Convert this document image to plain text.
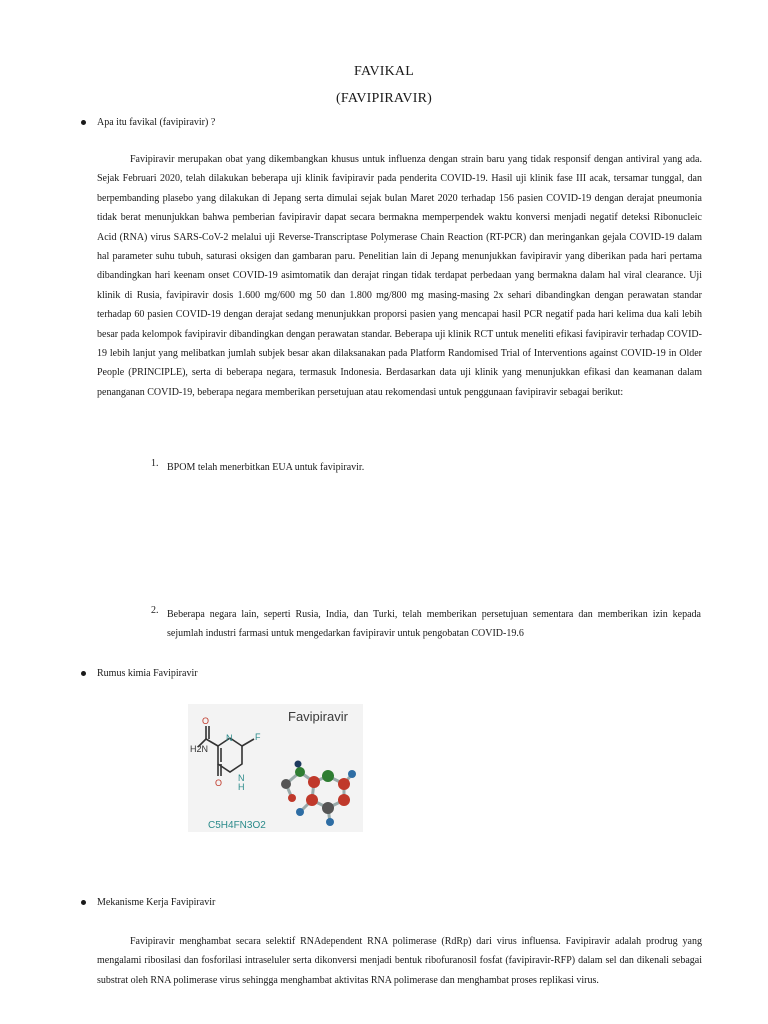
FAVIKAL
(FAVIPIRAVIR)
Apa itu favikal (favipiravir) ?
Favipiravir merupakan obat yang dikembangkan khusus untuk influenza dengan strain baru yang tidak responsif dengan antiviral yang ada. Sejak Februari 2020, telah dilakukan beberapa uji klinik favipiravir pada penderita COVID-19. Hasil uji klinik fase III acak, tersamar tunggal, dan berpembanding plasebo yang dilakukan di Jepang serta dimulai sejak bulan Maret 2020 terhadap 156 pasien COVID-19 dengan derajat pneumonia tidak berat menunjukkan bahwa pemberian favipiravir dapat secara bermakna memperpendek waktu konversi menjadi negatif deteksi Ribonucleic Acid (RNA) virus SARS-CoV-2 melalui uji Reverse-Transcriptase Polymerase Chain Reaction (RT-PCR) dan meringankan gejala COVID-19 dalam hal parameter suhu tubuh, saturasi oksigen dan gambaran paru. Penelitian lain di Jepang menunjukkan favipiravir yang diberikan pada hari pertama dibandingkan hari keenam onset COVID-19 asimtomatik dan derajat ringan tidak terdapat perbedaan yang bermakna dalam hal viral clearance. Uji klinik di Rusia, favipiravir dosis 1.600 mg/600 mg 50 dan 1.800 mg/800 mg masing-masing 2x sehari dibandingkan dengan perawatan standar terhadap 60 pasien COVID-19 dengan derajat sedang menunjukkan proporsi pasien yang mencapai hasil PCR negatif pada hari kelima dua kali lebih besar pada kelompok favipiravir dibandingkan dengan perawatan standar. Beberapa uji klinik RCT untuk meneliti efikasi favipiravir terhadap COVID-19 lebih lanjut yang melibatkan jumlah subjek besar akan dilaksanakan pada Platform Randomised Trial of Interventions against COVID-19 in Older People (PRINCIPLE), serta di beberapa negara, termasuk Indonesia. Berdasarkan data uji klinik yang menunjukkan efikasi dan keamanan dalam penanganan COVID-19, beberapa negara memberikan persetujuan atau rekomendasi untuk penggunaan favipiravir sebagai berikut:
1. BPOM telah menerbitkan EUA untuk favipiravir.
2. Beberapa negara lain, seperti Rusia, India, dan Turki, telah memberikan persetujuan sementara dan memberikan izin kepada sejumlah industri farmasi untuk mengedarkan favipiravir untuk pengobatan COVID-19.6
Rumus kimia Favipiravir
Favipiravir
N	F
H2N
O
O N
H
C5H4FN3O2
Mekanisme Kerja Favipiravir
Favipiravir menghambat secara selektif RNAdependent RNA polimerase (RdRp) dari virus influensa. Favipiravir adalah prodrug yang mengalami ribosilasi dan fosforilasi intraseluler serta dikonversi menjadi bentuk ribofuranosil fosfat (favipiravir-RFP) dalam sel dan dikenali sebagai substrat oleh RNA polimerase virus sehingga menghambat aktivitas RNA polimerase dan menghambat proses replikasi virus.
